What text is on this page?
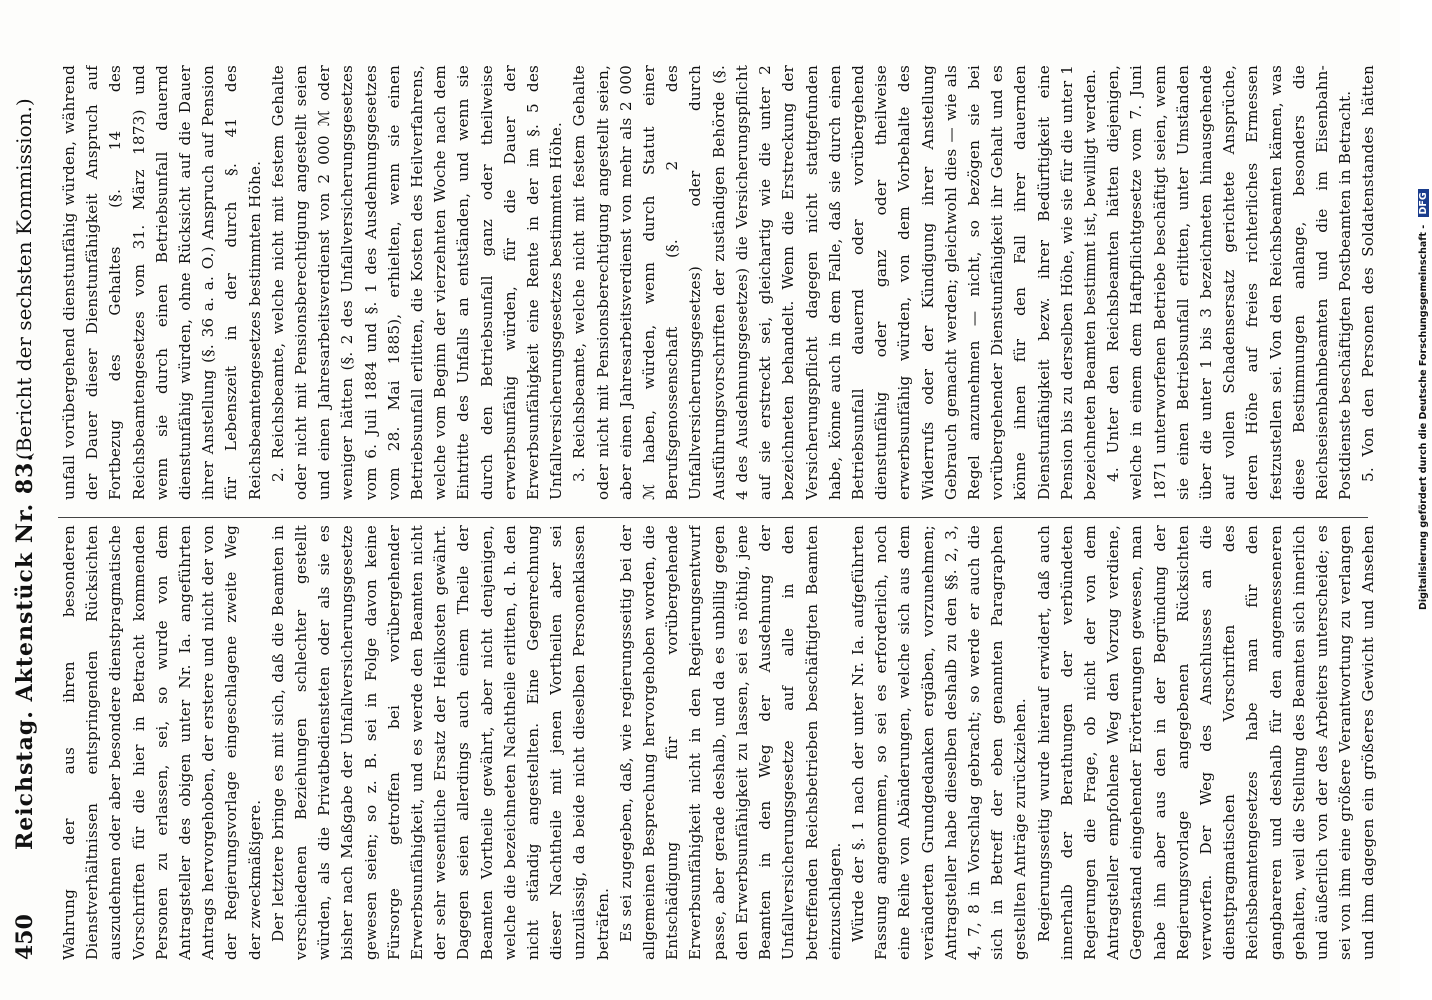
450
Reichstag. Aktenstück Nr. 83.
(Bericht der sechsten Kommission.)

Wahrung der aus ihren besonderen Dienstverhältnissen entspringenden Rücksichten auszudehnen oder aber besondere dienstpragmatische Vorschriften für die hier in Betracht kommenden Personen zu erlassen, sei, so wurde von dem Antragsteller des obigen unter Nr. Ia. angeführten Antrags hervorgehoben, der erstere und nicht der von der Regierungsvorlage eingeschlagene zweite Weg der zweckmäßigere. Der letztere bringe es mit sich, daß die Beamten in verschiedenen Beziehungen schlechter gestellt würden, als die Privatbediensteten oder als sie es bisher nach Maßgabe der Unfallversicherungsgesetze gewesen seien; so z. B. sei in Folge davon keine Fürsorge getroffen bei vorübergehender Erwerbsunfähigkeit, und es werde den Beamten nicht der sehr wesentliche Ersatz der Heilkosten gewährt. Dagegen seien allerdings auch einem Theile der Beamten Vortheile gewährt, aber nicht denjenigen, welche die bezeichneten Nachtheile erlitten, d. h. den nicht ständig angestellten. Eine Gegenrechnung dieser Nachtheile mit jenen Vortheilen aber sei unzulässig, da beide nicht dieselben Personenklassen beträfen. Es sei zugegeben, daß, wie regierungsseitig bei der allgemeinen Besprechung hervorgehoben worden, die Entschädigung für vorübergehende Erwerbsunfähigkeit nicht in den Regierungsentwurf passe, aber gerade deshalb, und da es unbillig gegen den Erwerbsunfähigkeit zu lassen, sei es nöthig, jene Beamten in den Weg der Ausdehnung der Unfallversicherungsgesetze auf alle in den betreffenden Reichsbetrieben beschäftigten Beamten einzuschlagen. Würde der §. 1 nach der unter Nr. Ia. aufgeführten Fassung angenommen, so sei es erforderlich, noch eine Reihe von Abänderungen, welche sich aus dem veränderten Grundgedanken ergäben, vorzunehmen; Antragsteller habe dieselben deshalb zu den §§. 2, 3, 4, 7, 8 in Vorschlag gebracht; so werde er auch die sich in Betreff der eben genannten Paragraphen gestellten Anträge zurückziehen. Regierungsseitig wurde hierauf erwidert, daß auch innerhalb der Berathungen der verbündeten Regierungen die Frage, ob nicht der von dem Antragsteller empfohlene Weg den Vorzug verdiene, Gegenstand eingehender Erörterungen gewesen, man habe ihn aber aus den in der Begründung der Regierungsvorlage angegebenen Rücksichten verworfen. Der Weg des Anschlusses an die dienstpragmatischen Vorschriften des Reichsbeamtengesetzes habe man für den gangbareren und deshalb für den angemesseneren gehalten, weil die Stellung des Beamten sich innerlich und äußerlich von der des Arbeiters unterscheide; es sei von ihm eine größere Verantwortung zu verlangen und ihm dagegen ein größeres Gewicht und Ansehen

unfall vorübergehend dienstunfähig würden, während der Dauer dieser Dienstunfähigkeit Anspruch auf Fortbezug des Gehaltes (§. 14 des Reichsbeamtengesetzes vom 31. März 1873) und wenn sie durch einen Betriebsunfall dauernd dienstunfähig würden, ohne Rücksicht auf die Dauer ihrer Anstellung (§. 36 a. a. O.) Anspruch auf Pension für Lebenszeit in der durch §. 41 des Reichsbeamtengesetzes bestimmten Höhe. 2. Reichsbeamte, welche nicht mit festem Gehalte oder nicht mit Pensionsberechtigung angestellt seien und einen Jahresarbeitsverdienst von 2 000 ℳ oder weniger hätten (§. 2 des Unfallversicherungsgesetzes vom 6. Juli 1884 und §. 1 des Ausdehnungsgesetzes vom 28. Mai 1885), erhielten, wenn sie einen Betriebsunfall erlitten, die Kosten des Heilverfahrens, welche vom Beginn der vierzehnten Woche nach dem Eintritte des Unfalls an entständen, und wenn sie durch den Betriebsunfall ganz oder theilweise erwerbsunfähig würden, für die Dauer der Erwerbsunfähigkeit eine Rente in der im §. 5 des Unfallversicherungsgesetzes bestimmten Höhe. 3. Reichsbeamte, welche nicht mit festem Gehalte oder nicht mit Pensionsberechtigung angestellt seien, aber einen Jahresarbeitsverdienst von mehr als 2 000 ℳ haben, würden, wenn durch Statut einer Berufsgenossenschaft (§. 2 des Unfallversicherungsgesetzes) oder durch Ausführungsvorschriften der zuständigen Behörde (§. 4 des Ausdehnungsgesetzes) die Versicherungspflicht auf sie erstreckt sei, gleichartig wie die unter 2 bezeichneten behandelt. Wenn die Erstreckung der Versicherungspflicht dagegen nicht stattgefunden habe, könne auch in dem Falle, daß sie durch einen Betriebsunfall dauernd oder vorübergehend dienstunfähig oder ganz oder theilweise erwerbsunfähig würden, von dem Vorbehalte des Widerrufs oder der Kündigung ihrer Anstellung Gebrauch gemacht werden; gleichwohl dies — wie als Regel anzunehmen — nicht, so bezögen sie bei vorübergehender Dienstunfähigkeit ihr Gehalt und es könne ihnen für den Fall ihrer dauernden Dienstunfähigkeit bezw. ihrer Bedürftigkeit eine Pension bis zu derselben Höhe, wie sie für die unter 1 bezeichneten Beamten bestimmt ist, bewilligt werden. 4. Unter den Reichsbeamten hätten diejenigen, welche in einem dem Haftpflichtgesetze vom 7. Juni 1871 unterworfenen Betriebe beschäftigt seien, wenn sie einen Betriebsunfall erlitten, unter Umständen über die unter 1 bis 3 bezeichneten hinausgehende auf vollen Schadensersatz gerichtete Ansprüche, deren Höhe auf freies richterliches Ermessen festzustellen sei. Von den Reichsbeamten kämen, was diese Bestimmungen anlange, besonders die Reichseisenbahnbeamten und die im Eisenbahn-Postdienste beschäftigten Postbeamten in Betracht. 5. Von den Personen des Soldatenstandes hätten

Digitalisierung gefördert durch die Deutsche Forschungsgemeinschaft - DFG
